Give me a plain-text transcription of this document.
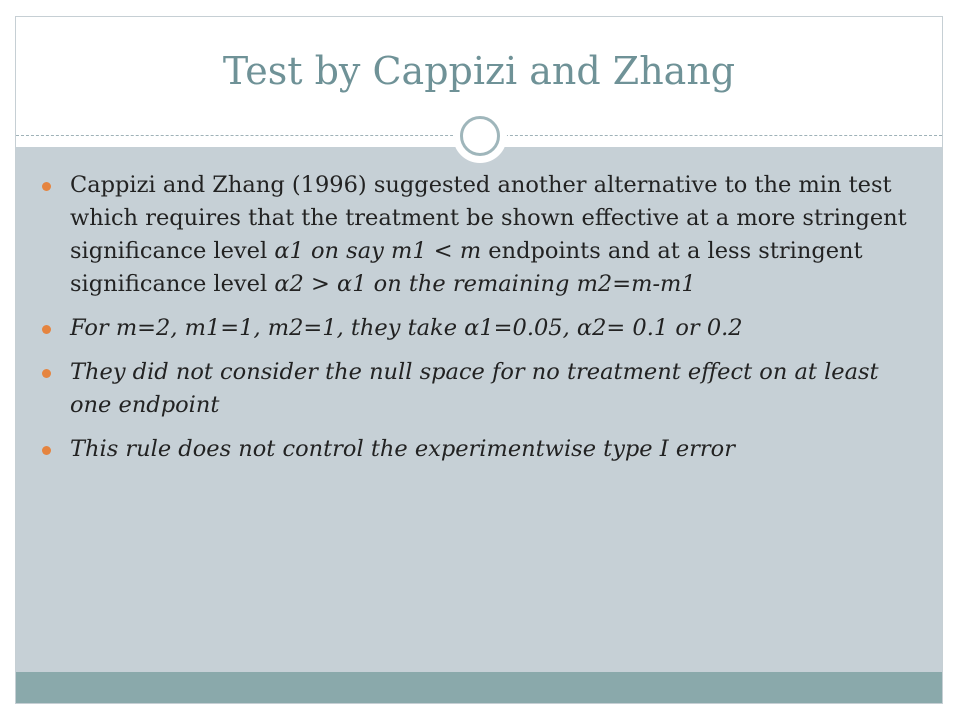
Test by Cappizi and Zhang
Cappizi and Zhang (1996) suggested another alternative to the min test which requires that the treatment be shown effective at a more stringent significance level α1 on say m1 < m endpoints and at a less stringent significance level α2 > α1 on the remaining m2=m-m1
For m=2, m1=1, m2=1, they take α1=0.05, α2= 0.1 or 0.2
They did not consider the null space for no treatment effect on at least one endpoint
This rule does not control the experimentwise type I error
